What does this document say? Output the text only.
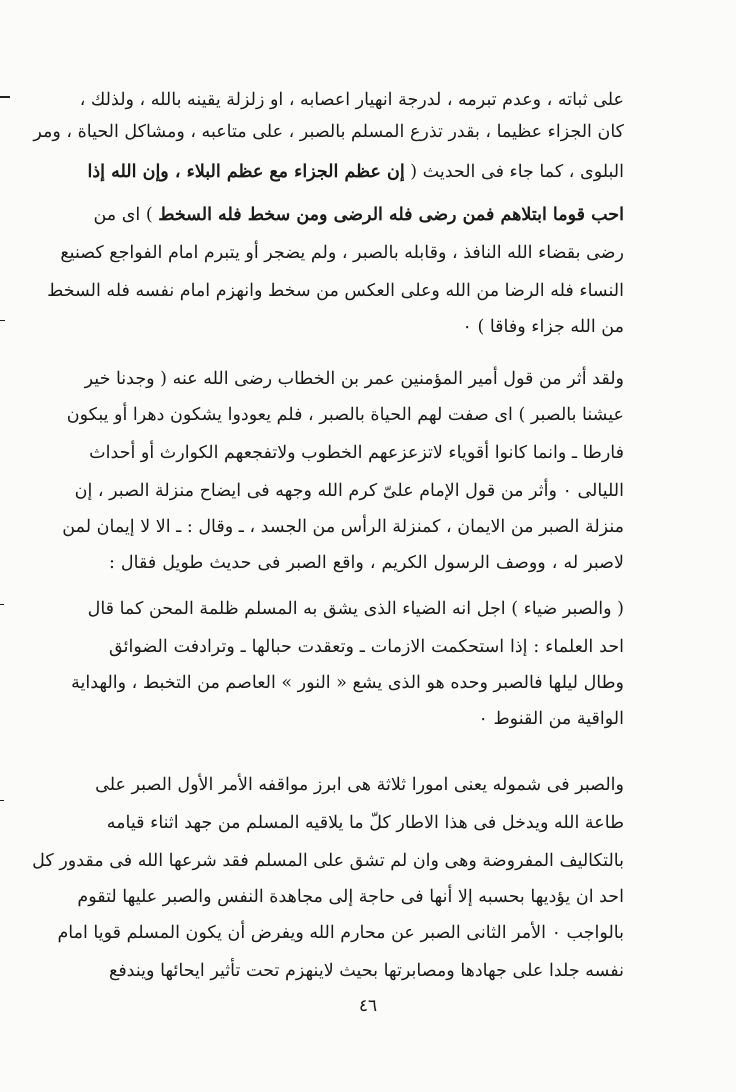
على ثباته ، وعدم تبرمه ، لدرجة انهيار اعصابه ، او زلزلة يقينه بالله ، ولذلك ،
كان الجزاء عظيما ، بقدر تذرع المسلم بالصبر ، على متاعبه ، ومشاكل الحياة ، ومر
البلوى ، كما جاء فى الحديث ( إن عظم الجزاء مع عظم البلاء ، وإن الله إذا
احب قوما ابتلاهم فمن رضى فله الرضى ومن سخط فله السخط ) اى من
رضى بقضاء الله النافذ ، وقابله بالصبر ، ولم يضجر أو يتبرم امام الفواجع كصنيع
النساء فله الرضا من الله وعلى العكس من سخط وانهزم امام نفسه فله السخط
من الله جزاء وفاقا ) ٠
ولقد أثر من قول أمير المؤمنين عمر بن الخطاب رضى الله عنه ( وجدنا خير
عيشنا بالصبر ) اى صفت لهم الحياة بالصبر ، فلم يعودوا يشكون دهرا أو يبكون
فارطا ـ وانما كانوا أقوياء لاتزعزعهم الخطوب ولاتفجعهم الكوارث أو أحداث
الليالى ٠ وأثر من قول الإمام علىّ كرم الله وجهه فى ايضاح منزلة الصبر ، إن
منزلة الصبر من الايمان ، كمنزلة الرأس من الجسد ، ـ وقال : ـ الا لا إيمان لمن
لاصبر له ، ووصف الرسول الكريم ، واقع الصبر فى حديث طويل فقال :
( والصبر ضياء ) اجل انه الضياء الذى يشق به المسلم ظلمة المحن كما قال
احد العلماء : إذا استحكمت الازمات ـ وتعقدت حبالها ـ وترادفت الضوائق
وطال ليلها فالصبر وحده هو الذى يشع « النور » العاصم من التخبط ، والهداية
الواقية من القنوط ٠
والصبر فى شموله يعنى امورا ثلاثة هى ابرز مواقفه الأمر الأول الصبر على
طاعة الله ويدخل فى هذا الاطار كلّ ما يلاقيه المسلم من جهد اثناء قيامه
بالتكاليف المفروضة وهى وان لم تشق على المسلم فقد شرعها الله فى مقدور كل
احد ان يؤديها بحسبه إلا أنها فى حاجة إلى مجاهدة النفس والصبر عليها لتقوم
بالواجب ٠ الأمر الثانى الصبر عن محارم الله ويفرض أن يكون المسلم قويا امام
نفسه جلدا على جهادها ومصابرتها بحيث لاينهزم تحت تأثير ايحائها ويندفع
٤٦
